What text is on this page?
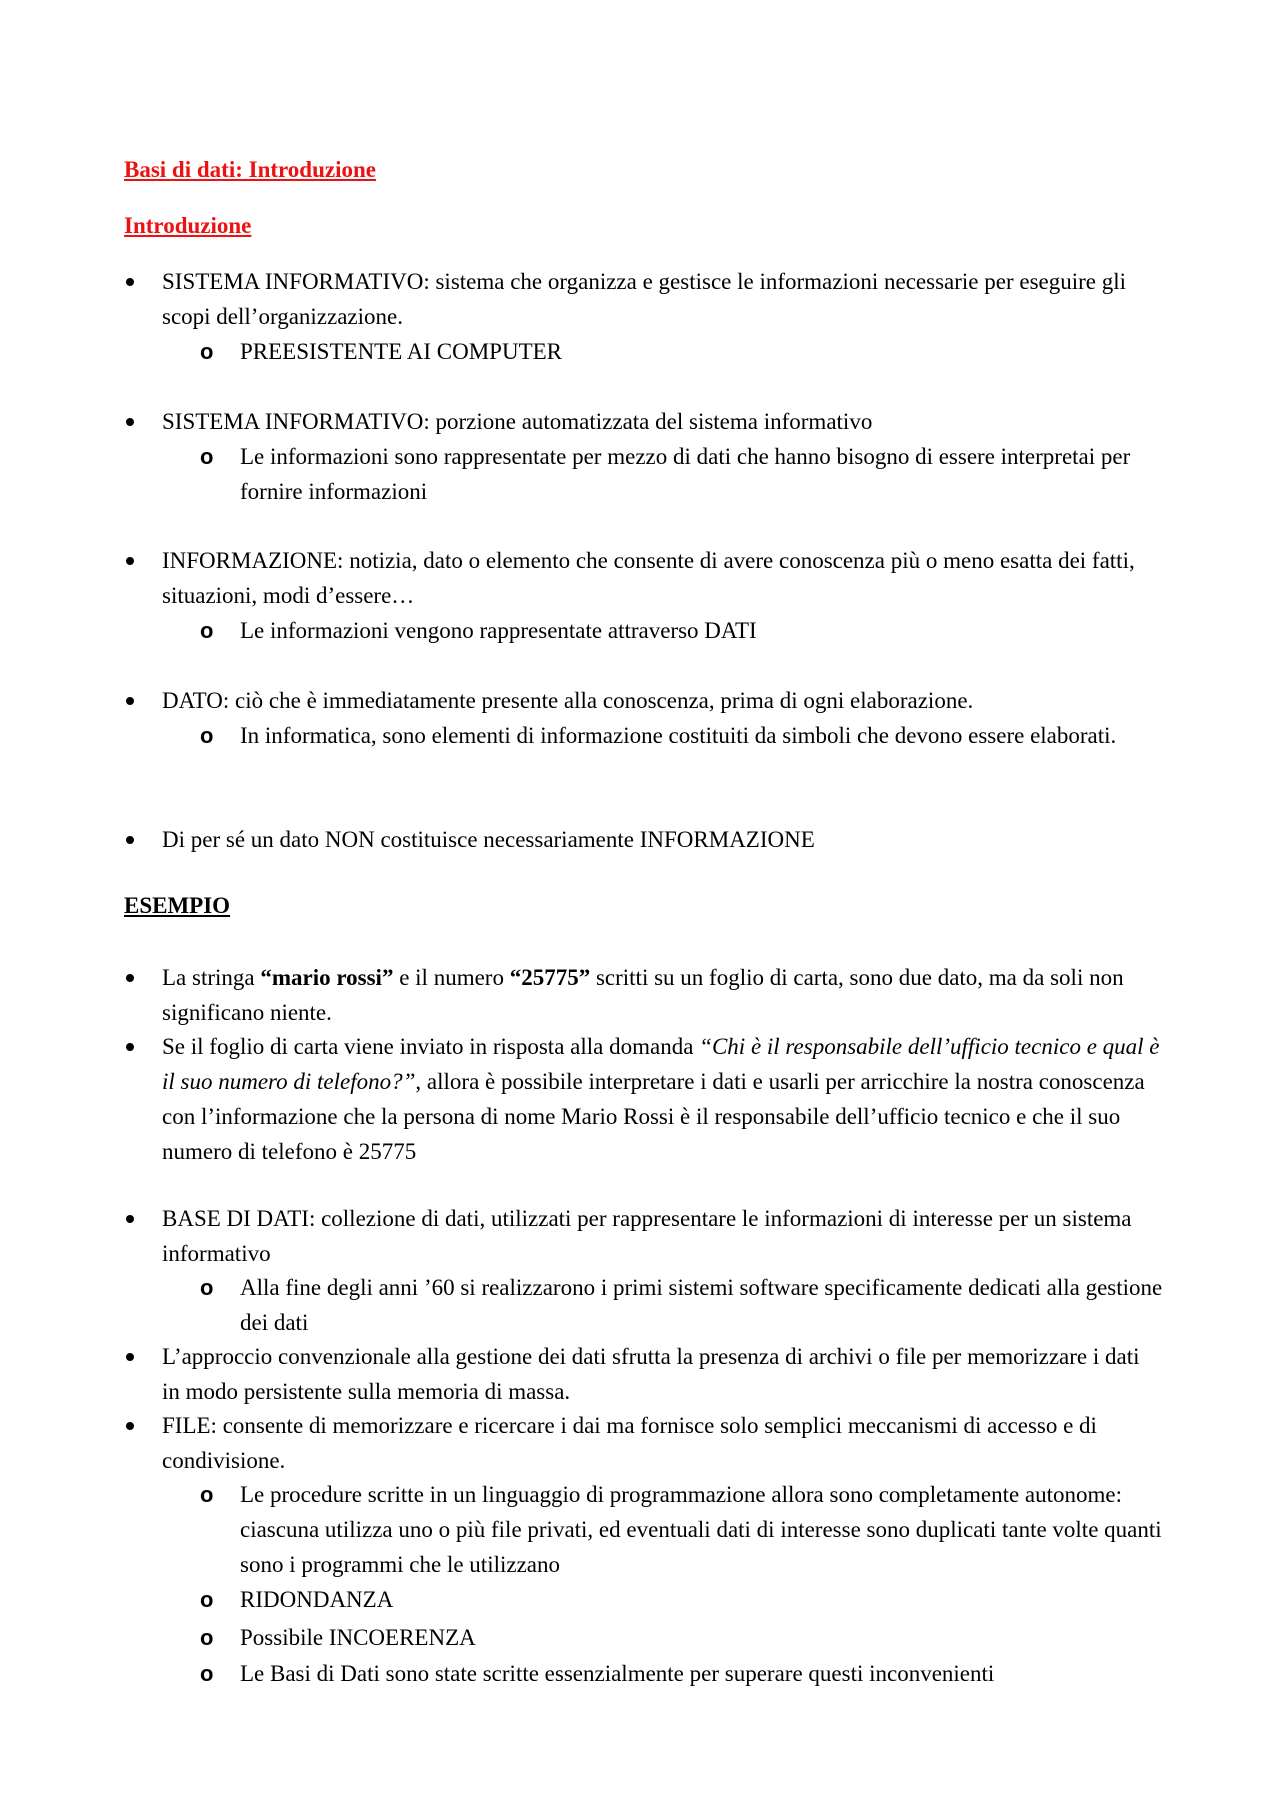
Basi di dati: Introduzione
Introduzione

SISTEMA INFORMATIVO: sistema che organizza e gestisce le informazioni necessarie per eseguire gli scopi dell’organizzazione.

o PREESISTENTE AI COMPUTER

SISTEMA INFORMATIVO: porzione automatizzata del sistema informativo

o Le informazioni sono rappresentate per mezzo di dati che hanno bisogno di essere interpretai per fornire informazioni

INFORMAZIONE: notizia, dato o elemento che consente di avere conoscenza più o meno esatta dei fatti, situazioni, modi d’essere…

o Le informazioni vengono rappresentate attraverso DATI

DATO: ciò che è immediatamente presente alla conoscenza, prima di ogni elaborazione.

o In informatica, sono elementi di informazione costituiti da simboli che devono essere elaborati.

Di per sé un dato NON costituisce necessariamente INFORMAZIONE

ESEMPIO

La stringa “mario rossi” e il numero “25775” scritti su un foglio di carta, sono due dato, ma da soli non significano niente.

Se il foglio di carta viene inviato in risposta alla domanda “Chi è il responsabile dell’ufficio tecnico e qual è il suo numero di telefono?”, allora è possibile interpretare i dati e usarli per arricchire la nostra conoscenza con l’informazione che la persona di nome Mario Rossi è il responsabile dell’ufficio tecnico e che il suo numero di telefono è 25775

BASE DI DATI: collezione di dati, utilizzati per rappresentare le informazioni di interesse per un sistema informativo

o Alla fine degli anni ’60 si realizzarono i primi sistemi software specificamente dedicati alla gestione dei dati

L’approccio convenzionale alla gestione dei dati sfrutta la presenza di archivi o file per memorizzare i dati in modo persistente sulla memoria di massa.

FILE: consente di memorizzare e ricercare i dai ma fornisce solo semplici meccanismi di accesso e di condivisione.

o Le procedure scritte in un linguaggio di programmazione allora sono completamente autonome: ciascuna utilizza uno o più file privati, ed eventuali dati di interesse sono duplicati tante volte quanti sono i programmi che le utilizzano

o RIDONDANZA

o Possibile INCOERENZA

o Le Basi di Dati sono state scritte essenzialmente per superare questi inconvenienti
